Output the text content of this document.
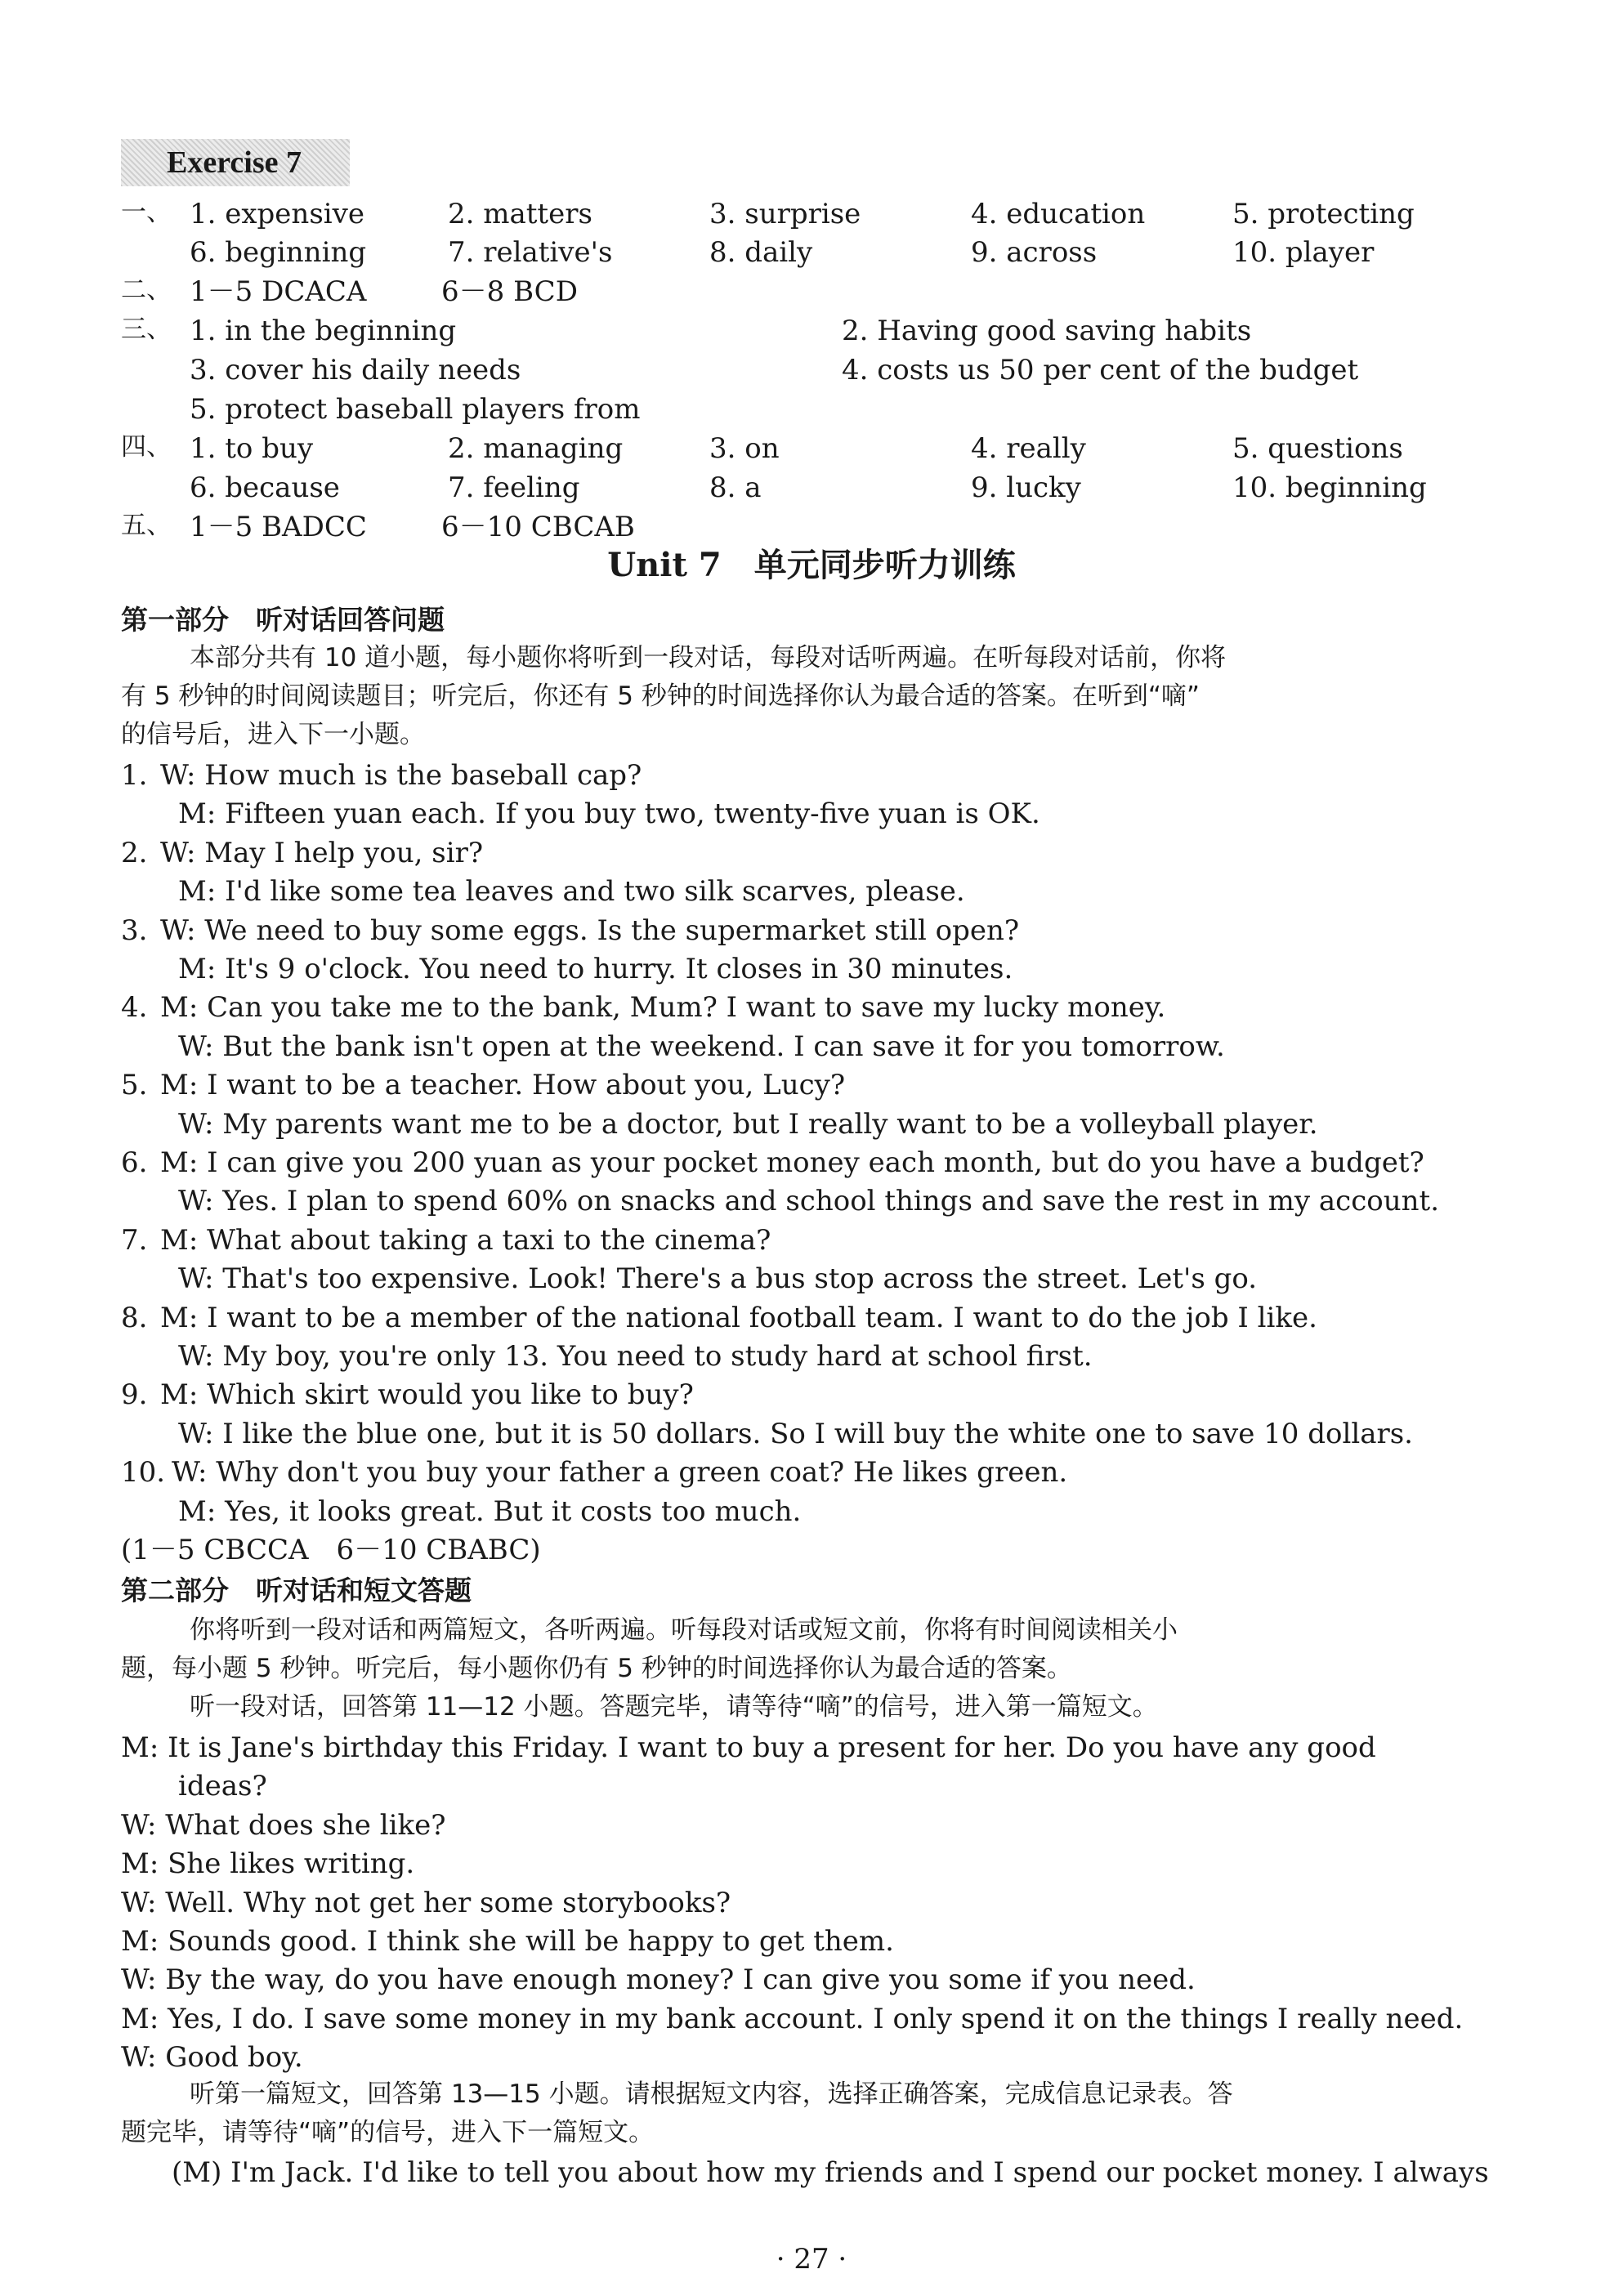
Exercise 7
一、 1. expensive	2. matters	3. surprise	4. education	5. protecting
6. beginning	7. relative's	8. daily	9. across	10. player
二、 1－5 DCACA	6－8 BCD
三、 1. in the beginning	2. Having good saving habits
3. cover his daily needs	4. costs us 50 per cent of the budget
5. protect baseball players from
四、 1. to buy	2. managing	3. on	4. really	5. questions
6. because	7. feeling	8. a	9. lucky	10. beginning
五、 1－5 BADCC	6－10 CBCAB
Unit 7　单元同步听力训练
第一部分　听对话回答问题
本部分共有 10 道小题，每小题你将听到一段对话，每段对话听两遍。在听每段对话前，你将
有 5 秒钟的时间阅读题目；听完后，你还有 5 秒钟的时间选择你认为最合适的答案。在听到“嘀”
的信号后，进入下一小题。
1. W: How much is the baseball cap?
M: Fifteen yuan each. If you buy two, twenty-five yuan is OK.
2. W: May I help you, sir?
M: I'd like some tea leaves and two silk scarves, please.
3. W: We need to buy some eggs. Is the supermarket still open?
M: It's 9 o'clock. You need to hurry. It closes in 30 minutes.
4. M: Can you take me to the bank, Mum? I want to save my lucky money.
W: But the bank isn't open at the weekend. I can save it for you tomorrow.
5. M: I want to be a teacher. How about you, Lucy?
W: My parents want me to be a doctor, but I really want to be a volleyball player.
6. M: I can give you 200 yuan as your pocket money each month, but do you have a budget?
W: Yes. I plan to spend 60% on snacks and school things and save the rest in my account.
7. M: What about taking a taxi to the cinema?
W: That's too expensive. Look! There's a bus stop across the street. Let's go.
8. M: I want to be a member of the national football team. I want to do the job I like.
W: My boy, you're only 13. You need to study hard at school first.
9. M: Which skirt would you like to buy?
W: I like the blue one, but it is 50 dollars. So I will buy the white one to save 10 dollars.
10. W: Why don't you buy your father a green coat? He likes green.
M: Yes, it looks great. But it costs too much.
(1－5 CBCCA　6－10 CBABC)
第二部分　听对话和短文答题
你将听到一段对话和两篇短文，各听两遍。听每段对话或短文前，你将有时间阅读相关小
题，每小题 5 秒钟。听完后，每小题你仍有 5 秒钟的时间选择你认为最合适的答案。
听一段对话，回答第 11—12 小题。答题完毕，请等待“嘀”的信号，进入第一篇短文。
M: It is Jane's birthday this Friday. I want to buy a present for her. Do you have any good
ideas?
W: What does she like?
M: She likes writing.
W: Well. Why not get her some storybooks?
M: Sounds good. I think she will be happy to get them.
W: By the way, do you have enough money? I can give you some if you need.
M: Yes, I do. I save some money in my bank account. I only spend it on the things I really need.
W: Good boy.
听第一篇短文，回答第 13—15 小题。请根据短文内容，选择正确答案，完成信息记录表。答
题完毕，请等待“嘀”的信号，进入下一篇短文。
(M) I'm Jack. I'd like to tell you about how my friends and I spend our pocket money. I always
· 27 ·
